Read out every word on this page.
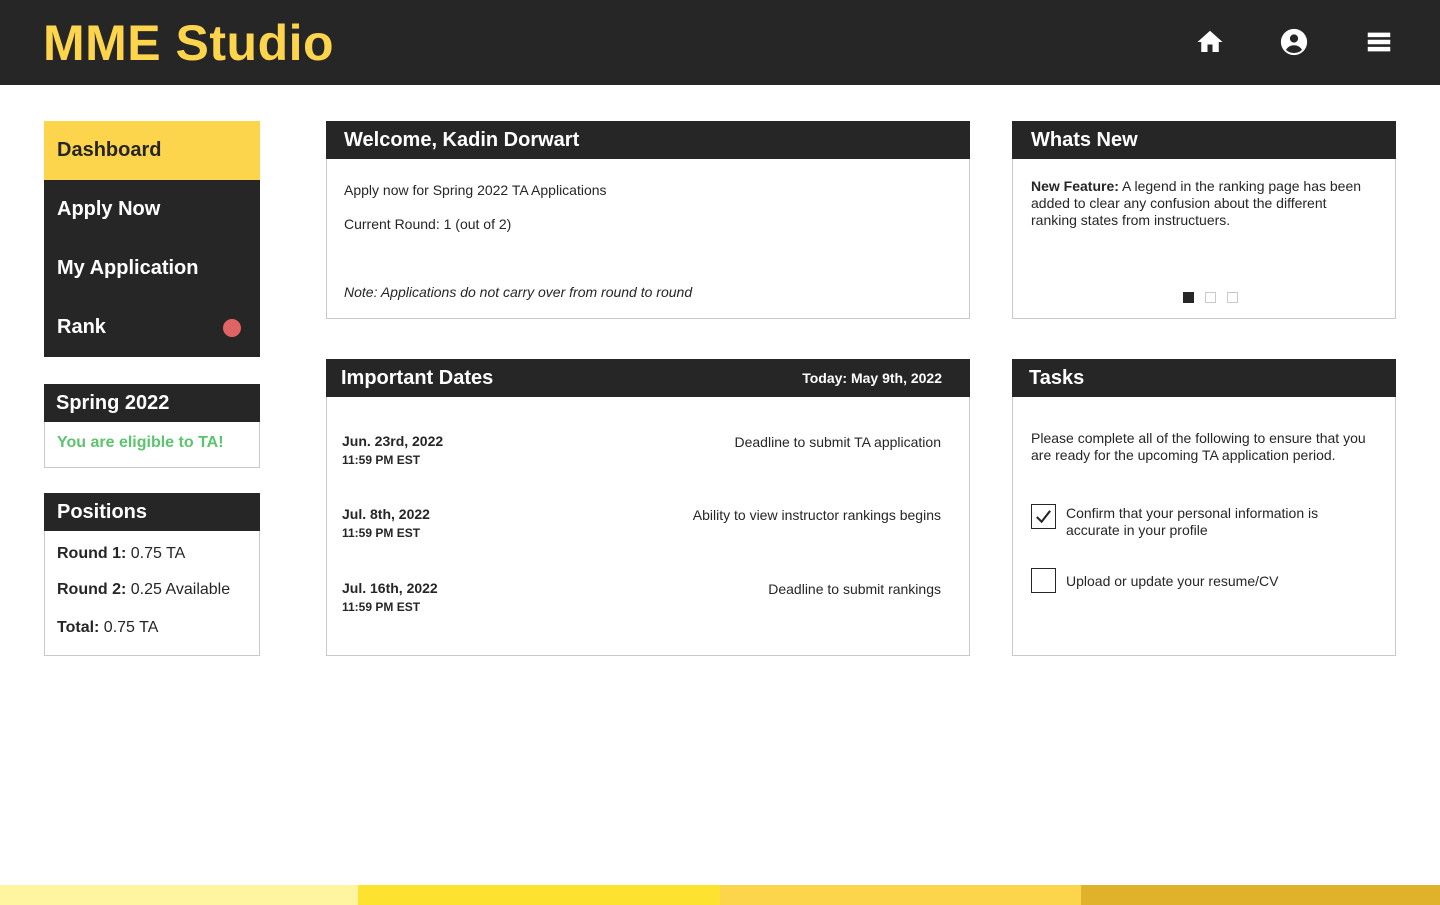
MME Studio
Dashboard
Apply Now
My Application
Rank
Spring 2022
You are eligible to TA!
Positions
Round 1: 0.75 TA
Round 2: 0.25 Available
Total: 0.75 TA
Welcome, Kadin Dorwart
Apply now for Spring 2022 TA Applications
Current Round: 1 (out of 2)
Note: Applications do not carry over from round to round
Whats New
New Feature: A legend in the ranking page has been added to clear any confusion about the different ranking states from instructuers.
Important Dates	Today: May 9th, 2022
Jun. 23rd, 2022
11:59 PM EST
Deadline to submit TA application
Jul. 8th, 2022
11:59 PM EST
Ability to view instructor rankings begins
Jul. 16th, 2022
11:59 PM EST
Deadline to submit rankings
Tasks
Please complete all of the following to ensure that you are ready for the upcoming TA application period.
Confirm that your personal information is accurate in your profile
Upload or update your resume/CV
